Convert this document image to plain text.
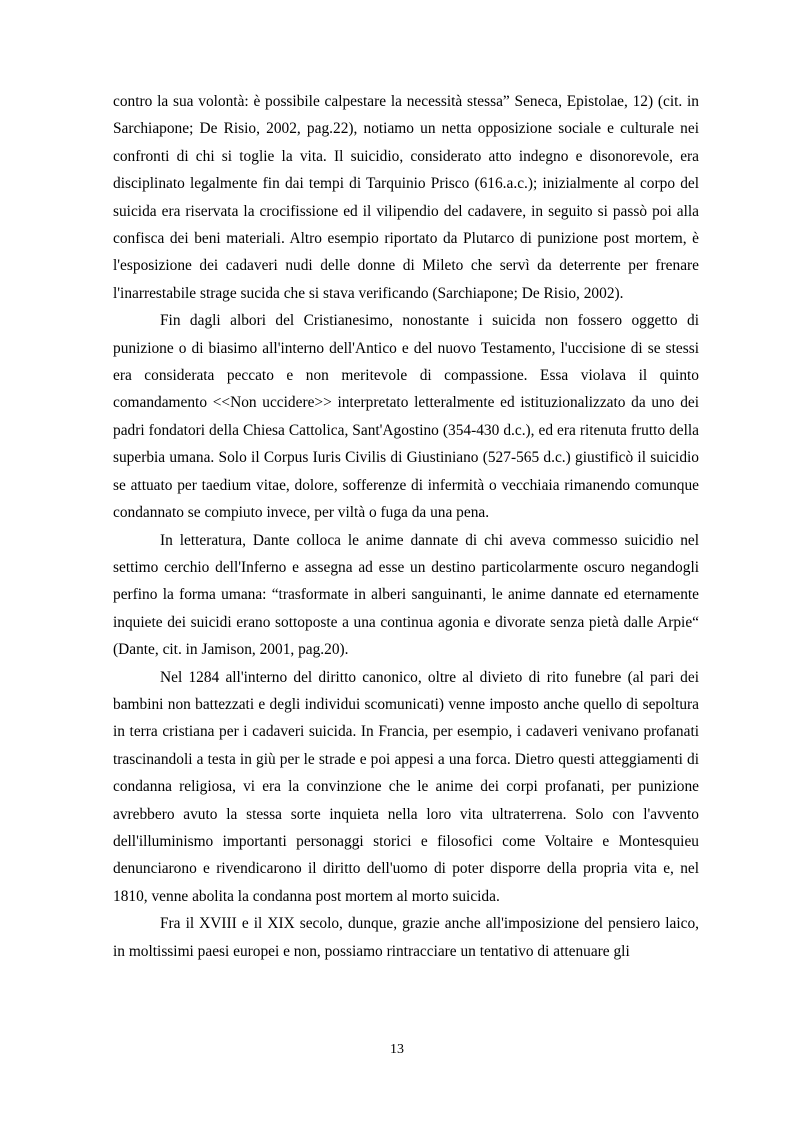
contro la sua volontà: è possibile calpestare la necessità stessa” Seneca, Epistolae, 12) (cit. in Sarchiapone; De Risio, 2002, pag.22), notiamo un netta opposizione sociale e culturale nei confronti di chi si toglie la vita. Il suicidio, considerato atto indegno e disonorevole, era disciplinato legalmente fin dai tempi di Tarquinio Prisco (616.a.c.); inizialmente al corpo del suicida era riservata la crocifissione ed il vilipendio del cadavere, in seguito si passò poi alla confisca dei beni materiali. Altro esempio riportato da Plutarco di punizione post mortem, è l'esposizione dei cadaveri nudi delle donne di Mileto che servì da deterrente per frenare l'inarrestabile strage sucida che si stava verificando (Sarchiapone; De Risio, 2002).

Fin dagli albori del Cristianesimo, nonostante i suicida non fossero oggetto di punizione o di biasimo all'interno dell'Antico e del nuovo Testamento, l'uccisione di se stessi era considerata peccato e non meritevole di compassione. Essa violava il quinto comandamento <<Non uccidere>> interpretato letteralmente ed istituzionalizzato da uno dei padri fondatori della Chiesa Cattolica, Sant'Agostino (354-430 d.c.), ed era ritenuta frutto della superbia umana. Solo il Corpus Iuris Civilis di Giustiniano (527-565 d.c.) giustificò il suicidio se attuato per taedium vitae, dolore, sofferenze di infermità o vecchiaia rimanendo comunque condannato se compiuto invece, per viltà o fuga da una pena.

In letteratura, Dante colloca le anime dannate di chi aveva commesso suicidio nel settimo cerchio dell'Inferno e assegna ad esse un destino particolarmente oscuro negandogli perfino la forma umana: “trasformate in alberi sanguinanti, le anime dannate ed eternamente inquiete dei suicidi erano sottoposte a una continua agonia e divorate senza pietà dalle Arpie“ (Dante, cit. in Jamison, 2001, pag.20).

Nel 1284 all'interno del diritto canonico, oltre al divieto di rito funebre (al pari dei bambini non battezzati e degli individui scomunicati) venne imposto anche quello di sepoltura in terra cristiana per i cadaveri suicida. In Francia, per esempio, i cadaveri venivano profanati trascinandoli a testa in giù per le strade e poi appesi a una forca. Dietro questi atteggiamenti di condanna religiosa, vi era la convinzione che le anime dei corpi profanati, per punizione avrebbero avuto la stessa sorte inquieta nella loro vita ultraterrena. Solo con l'avvento dell'illuminismo importanti personaggi storici e filosofici come Voltaire e Montesquieu denunciarono e rivendicarono il diritto dell'uomo di poter disporre della propria vita e, nel 1810, venne abolita la condanna post mortem al morto suicida.

Fra il XVIII e il XIX secolo, dunque, grazie anche all'imposizione del pensiero laico, in moltissimi paesi europei e non, possiamo rintracciare un tentativo di attenuare gli

13
